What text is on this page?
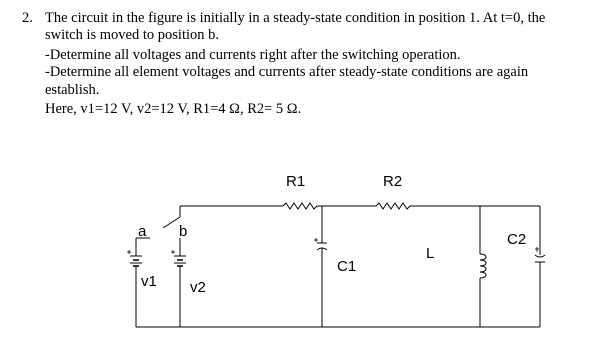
2. The circuit in the figure is initially in a steady-state condition in position 1. At t=0, the
switch is moved to position b.
-Determine all voltages and currents right after the switching operation.
-Determine all element voltages and currents after steady-state conditions are again
establish.
Here, v1=12 V, v2=12 V, R1=4 Ω, R2= 5 Ω.
R1	R2
C1
L
C2
v1 v2
a b
